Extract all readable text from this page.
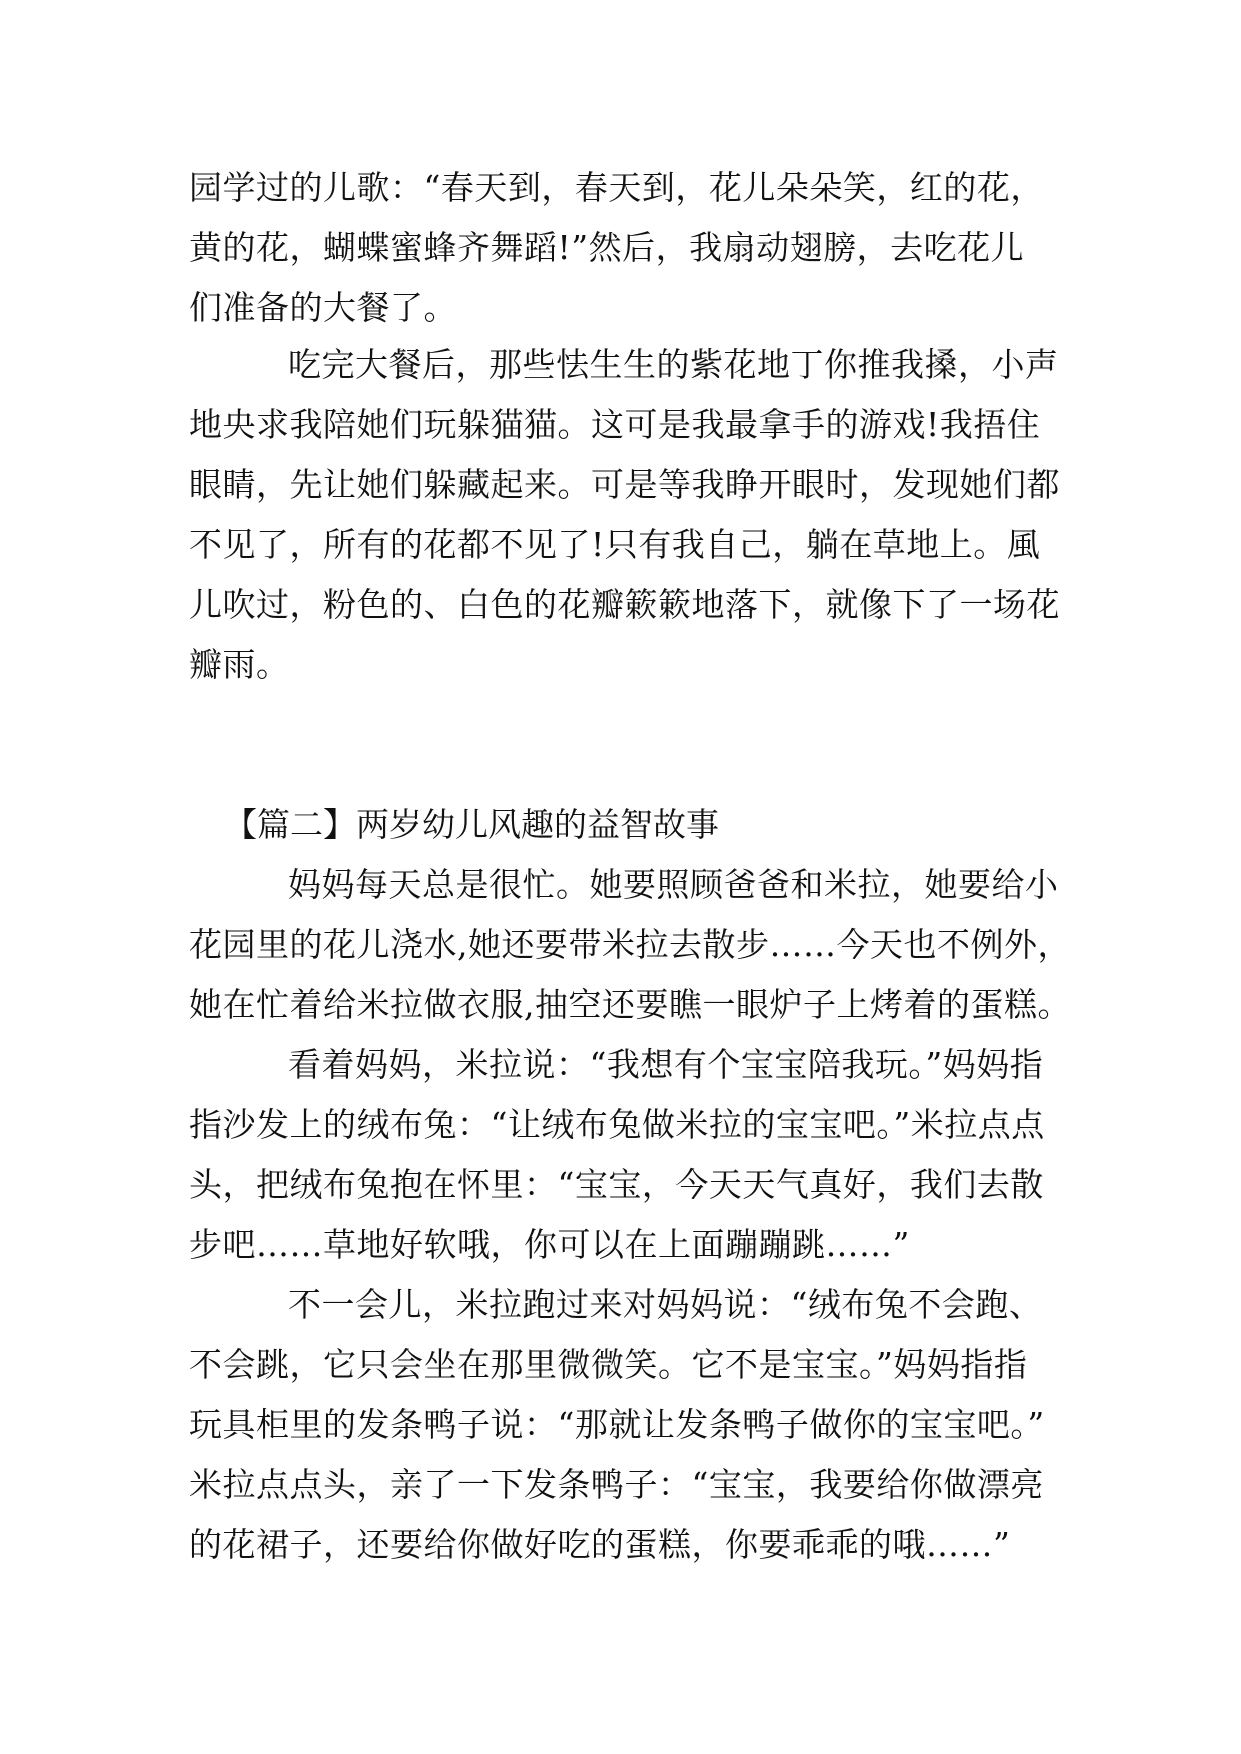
园学过的儿歌：“春天到，春天到，花儿朵朵笑，红的花，
黄的花，蝴蝶蜜蜂齐舞蹈!”然后，我扇动翅膀，去吃花儿
们准备的大餐了。
吃完大餐后，那些怯生生的紫花地丁你推我搡，小声
地央求我陪她们玩躲猫猫。这可是我最拿手的游戏!我捂住
眼睛，先让她们躲藏起来。可是等我睁开眼时，发现她们都
不见了，所有的花都不见了!只有我自己，躺在草地上。風
儿吹过，粉色的、白色的花瓣簌簌地落下，就像下了一场花
瓣雨。
【篇二】两岁幼儿风趣的益智故事
妈妈每天总是很忙。她要照顾爸爸和米拉，她要给小
花园里的花儿浇水,她还要带米拉去散步……今天也不例外，
她在忙着给米拉做衣服,抽空还要瞧一眼炉子上烤着的蛋糕。
看着妈妈，米拉说：“我想有个宝宝陪我玩。”妈妈指
指沙发上的绒布兔：“让绒布兔做米拉的宝宝吧。”米拉点点
头，把绒布兔抱在怀里：“宝宝，今天天气真好，我们去散
步吧……草地好软哦，你可以在上面蹦蹦跳……”
不一会儿，米拉跑过来对妈妈说：“绒布兔不会跑、
不会跳，它只会坐在那里微微笑。它不是宝宝。”妈妈指指
玩具柜里的发条鸭子说：“那就让发条鸭子做你的宝宝吧。”
米拉点点头，亲了一下发条鸭子：“宝宝，我要给你做漂亮
的花裙子，还要给你做好吃的蛋糕，你要乖乖的哦……”
